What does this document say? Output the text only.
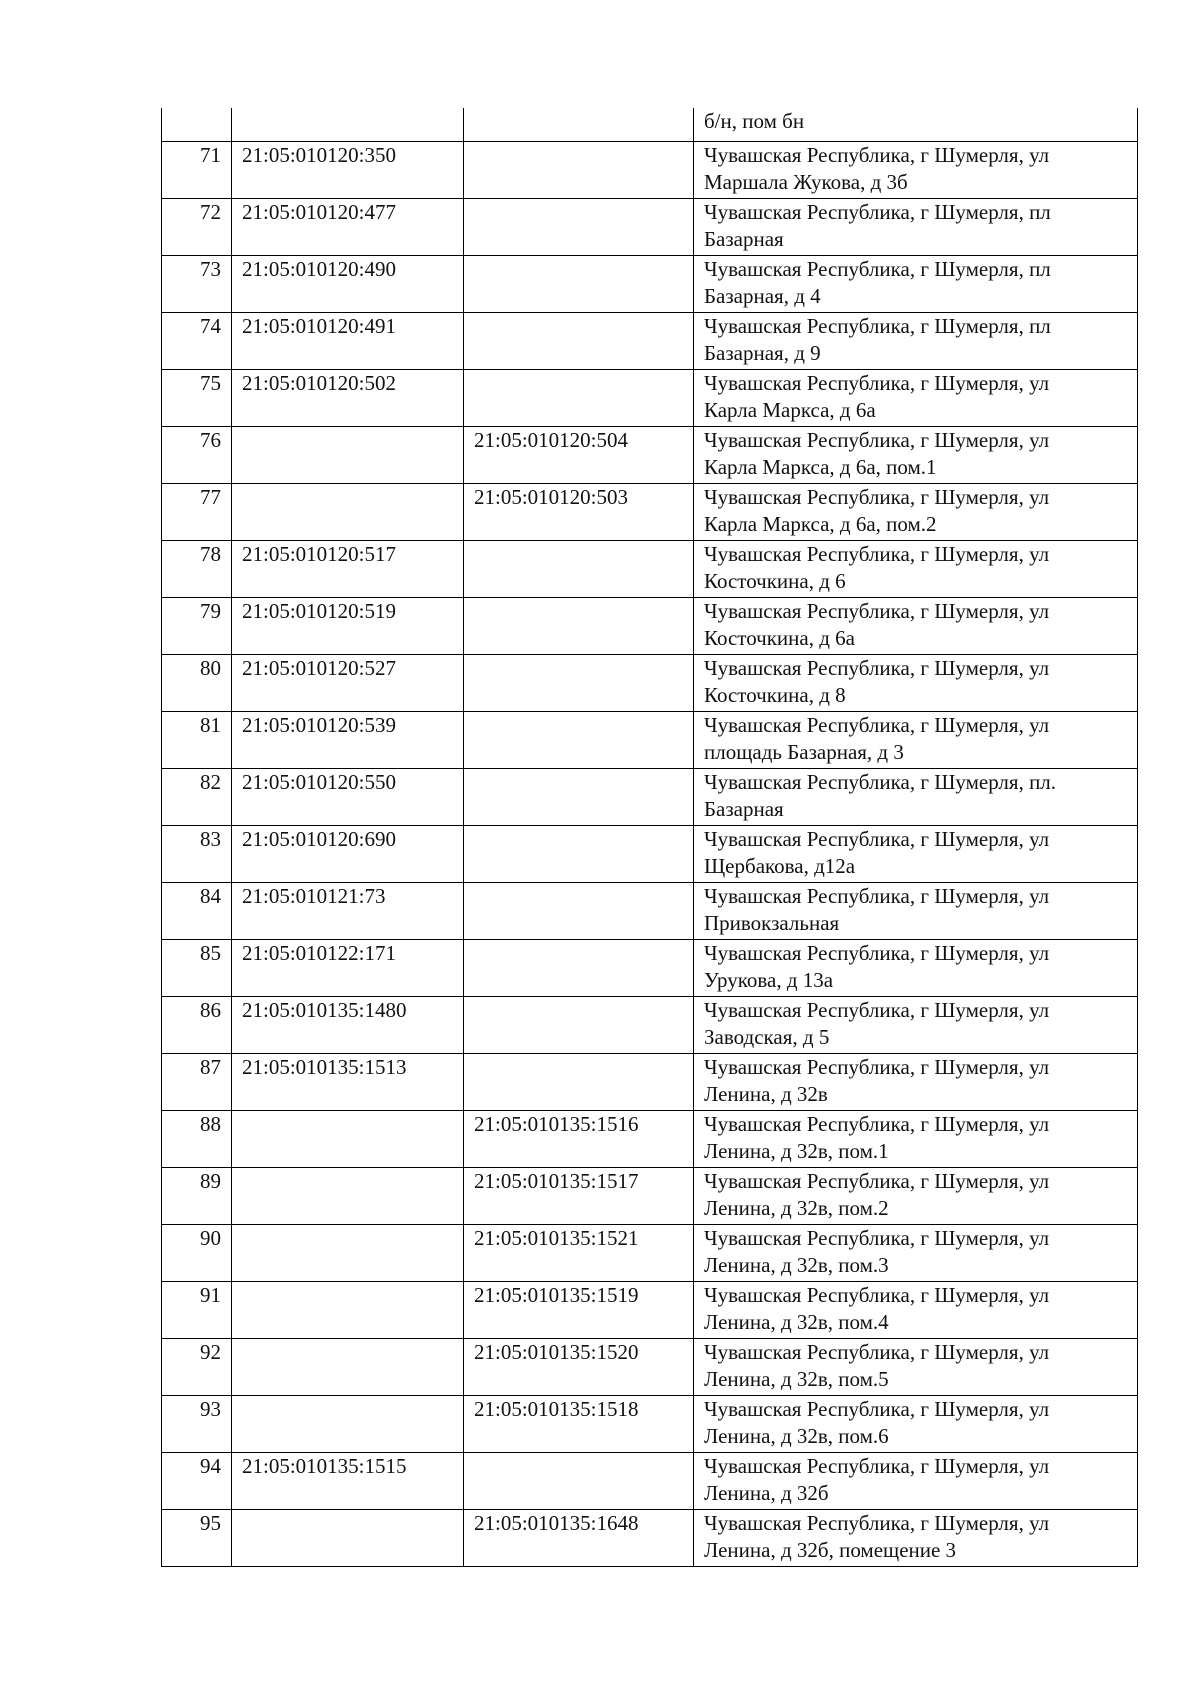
			б/н, пом бн

71	21:05:010120:350		Чувашская Республика, г Шумерля, ул
Маршала Жукова, д 3б

72	21:05:010120:477		Чувашская Республика, г Шумерля, пл
Базарная

73	21:05:010120:490		Чувашская Республика, г Шумерля, пл
Базарная, д 4

74	21:05:010120:491		Чувашская Республика, г Шумерля, пл
Базарная, д 9

75	21:05:010120:502		Чувашская Республика, г Шумерля, ул
Карла Маркса, д 6а

76		21:05:010120:504	Чувашская Республика, г Шумерля, ул
Карла Маркса, д 6а, пом.1

77		21:05:010120:503	Чувашская Республика, г Шумерля, ул
Карла Маркса, д 6а, пом.2

78	21:05:010120:517		Чувашская Республика, г Шумерля, ул
Косточкина, д 6

79	21:05:010120:519		Чувашская Республика, г Шумерля, ул
Косточкина, д 6а

80	21:05:010120:527		Чувашская Республика, г Шумерля, ул
Косточкина, д 8

81	21:05:010120:539		Чувашская Республика, г Шумерля, ул
площадь Базарная, д 3

82	21:05:010120:550		Чувашская Республика, г Шумерля, пл.
Базарная

83	21:05:010120:690		Чувашская Республика, г Шумерля, ул
Щербакова, д12а

84	21:05:010121:73		Чувашская Республика, г Шумерля, ул
Привокзальная

85	21:05:010122:171		Чувашская Республика, г Шумерля, ул
Урукова, д 13а

86	21:05:010135:1480		Чувашская Республика, г Шумерля, ул
Заводская, д 5

87	21:05:010135:1513		Чувашская Республика, г Шумерля, ул
Ленина, д 32в

88		21:05:010135:1516	Чувашская Республика, г Шумерля, ул
Ленина, д 32в, пом.1

89		21:05:010135:1517	Чувашская Республика, г Шумерля, ул
Ленина, д 32в, пом.2

90		21:05:010135:1521	Чувашская Республика, г Шумерля, ул
Ленина, д 32в, пом.3

91		21:05:010135:1519	Чувашская Республика, г Шумерля, ул
Ленина, д 32в, пом.4

92		21:05:010135:1520	Чувашская Республика, г Шумерля, ул
Ленина, д 32в, пом.5

93		21:05:010135:1518	Чувашская Республика, г Шумерля, ул
Ленина, д 32в, пом.6

94	21:05:010135:1515		Чувашская Республика, г Шумерля, ул
Ленина, д 32б

95		21:05:010135:1648	Чувашская Республика, г Шумерля, ул
Ленина, д 32б, помещение 3
